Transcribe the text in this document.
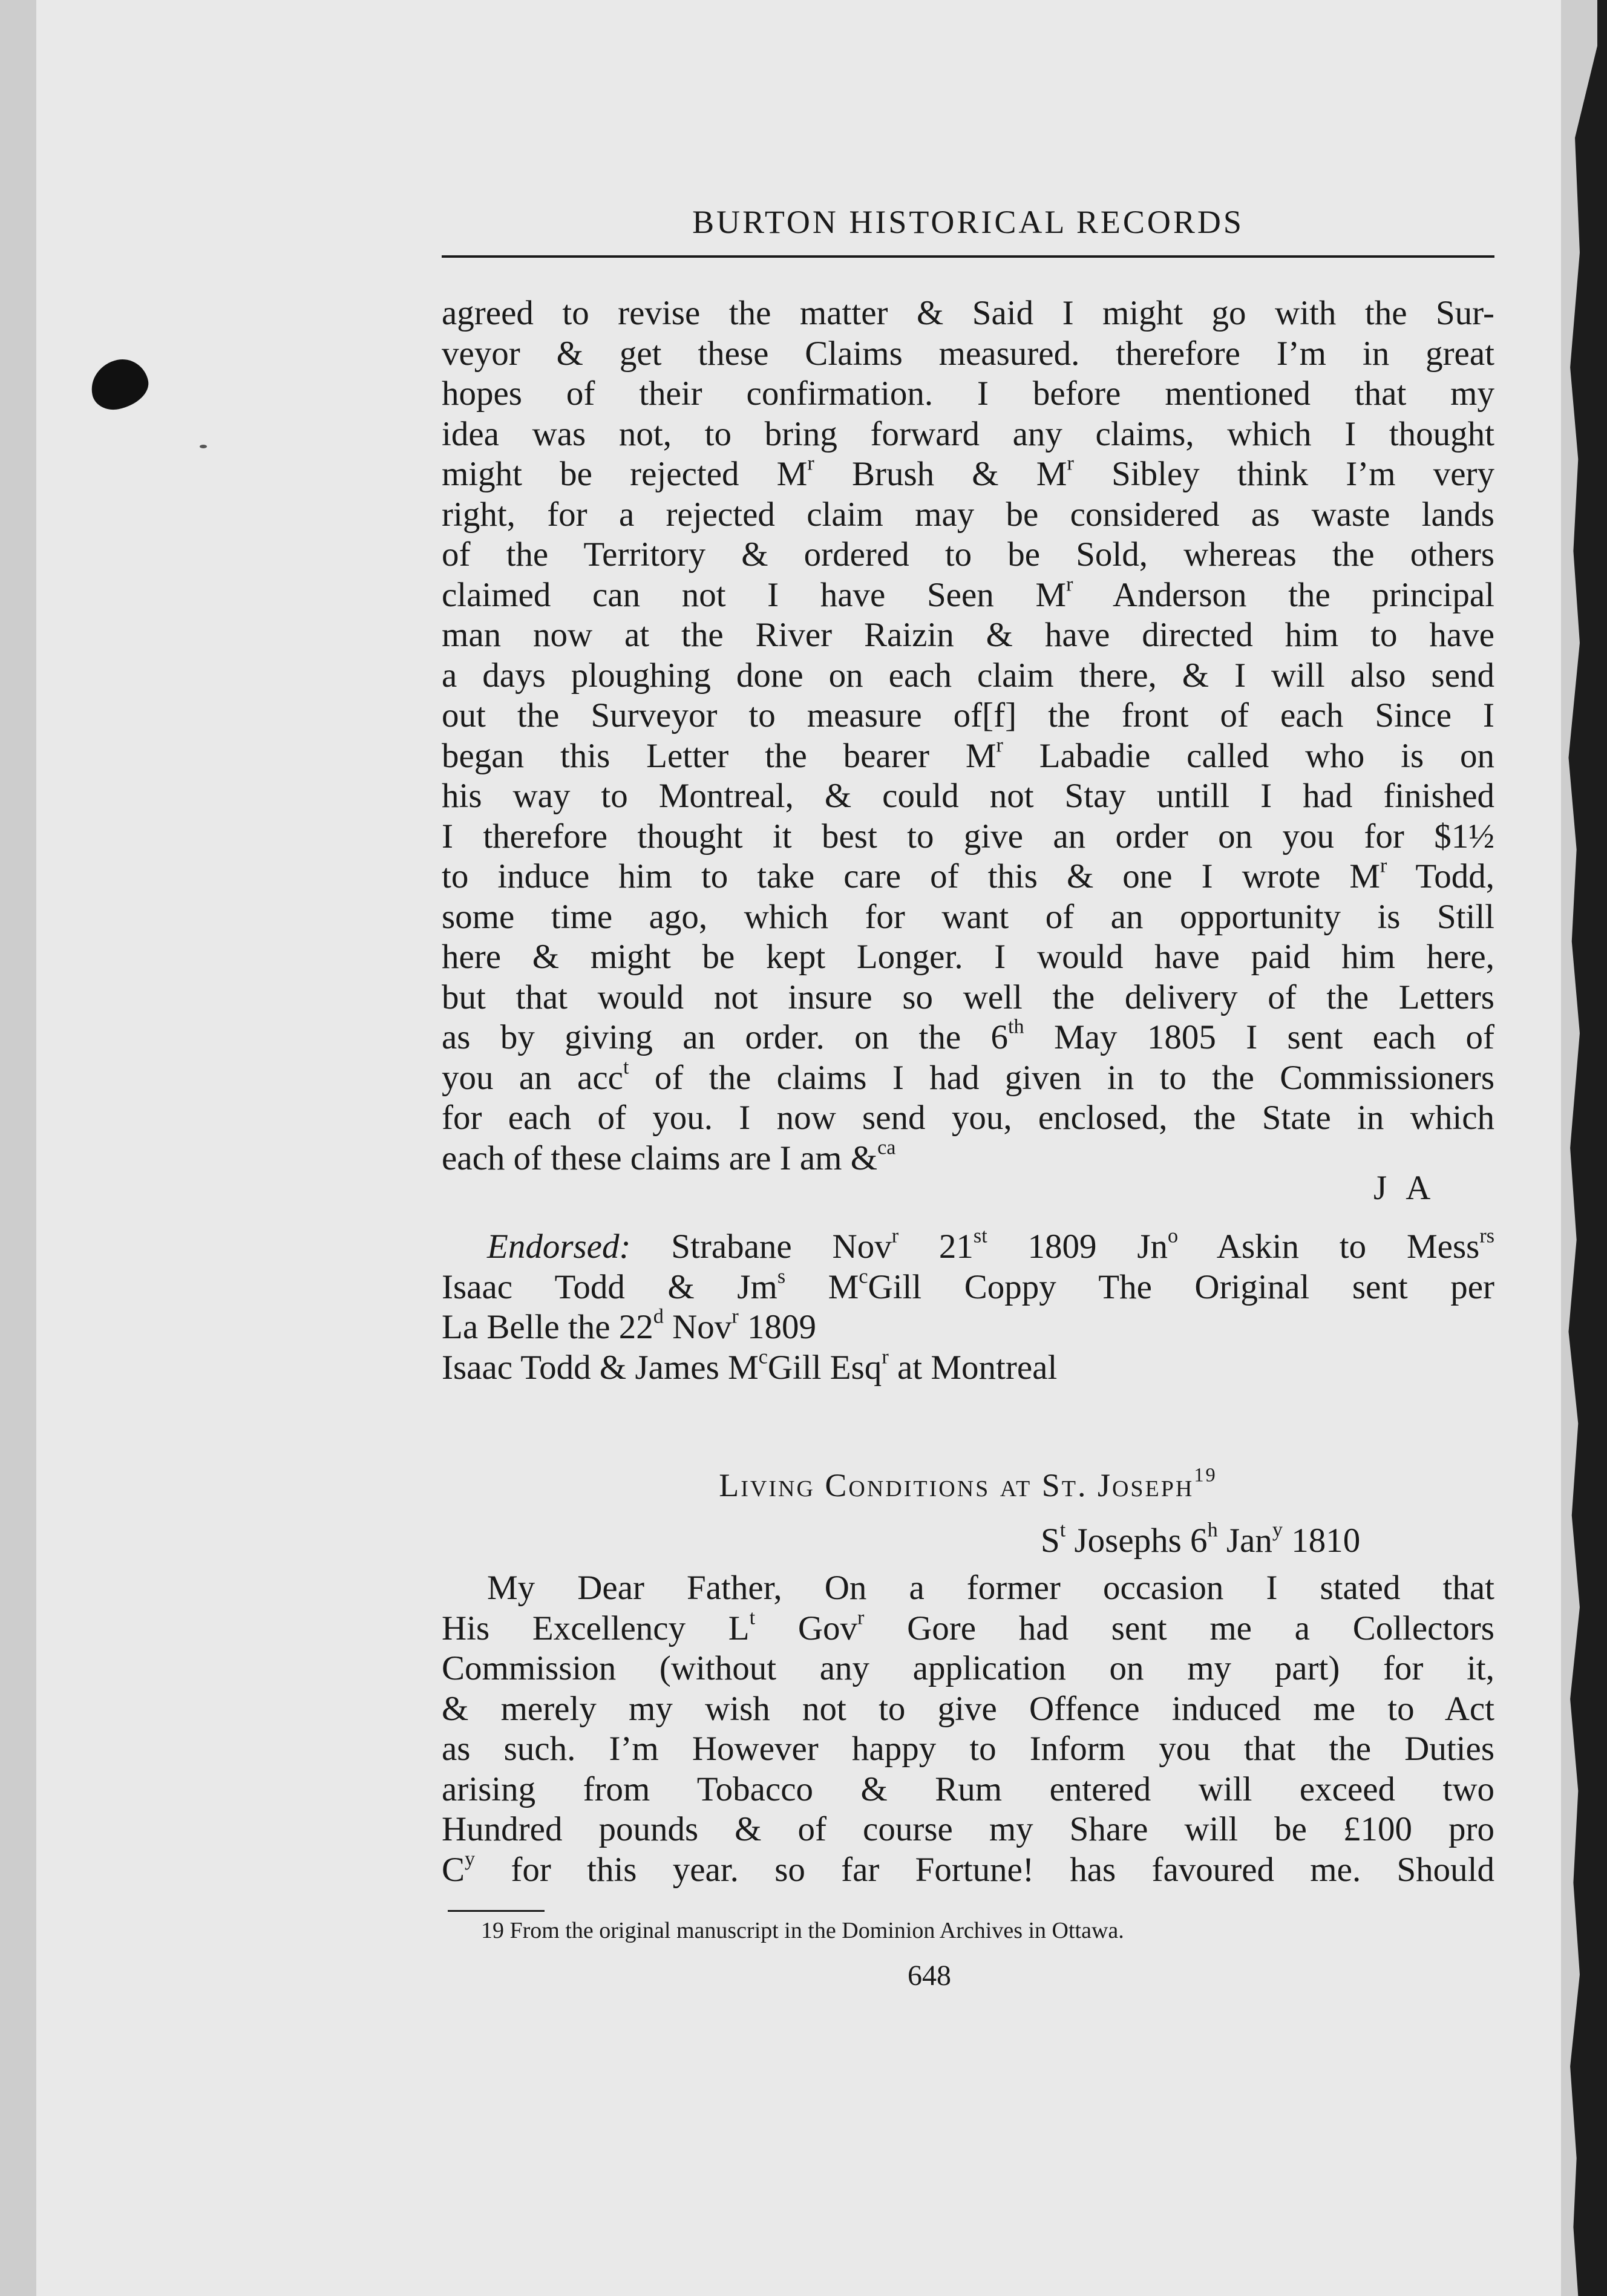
BURTON HISTORICAL RECORDS
agreed to revise the matter & Said I might go with the Sur-
veyor & get these Claims measured. therefore I’m in great
hopes of their confirmation. I before mentioned that my
idea was not, to bring forward any claims, which I thought
might be rejected $M^r$ Brush & $M^r$ Sibley think I’m very
right, for a rejected claim may be considered as waste lands
of the Territory & ordered to be Sold, whereas the others
claimed can not I have Seen $M^r$ Anderson the principal
man now at the River Raizin & have directed him to have
a days ploughing done on each claim there, & I will also send
out the Surveyor to measure of[f] the front of each Since I
began this Letter the bearer $M^r$ Labadie called who is on
his way to Montreal, & could not Stay untill I had finished
I therefore thought it best to give an order on you for $1½
to induce him to take care of this & one I wrote $M^r$ Todd,
some time ago, which for want of an opportunity is Still
here & might be kept Longer. I would have paid him here,
but that would not insure so well the delivery of the Letters
as by giving an order. on the 6th May 1805 I sent each of
you an acc$^t$ of the claims I had given in to the Commissioners
for each of you. I now send you, enclosed, the State in which
each of these claims are I am &$^{ca}$
J A
Endorsed: Strabane Nov$^r$ 21st 1809 Jn$^o$ Askin to Mess$^{rs}$
Isaac Todd & Jm$^s$ $M^cGill$ Coppy The Original sent per
La Belle the 22$^d$ Nov$^r$ 1809
Isaac Todd & James $M^cGill$ Esq$^r$ at Montreal
Living Conditions at St. Joseph$^{19}$
$S^t$ Josephs 6$^h$ Jan$^y$ 1810
My Dear Father, On a former occasion I stated that
His Excellency $L^t$ Gov$^r$ Gore had sent me a Collectors
Commission (without any application on my part) for it,
& merely my wish not to give Offence induced me to Act
as such. I’m However happy to Inform you that the Duties
arising from Tobacco & Rum entered will exceed two
Hundred pounds & of course my Share will be £100 pro
$C^y$ for this year. so far Fortune! has favoured me. Should
19 From the original manuscript in the Dominion Archives in Ottawa.
648
